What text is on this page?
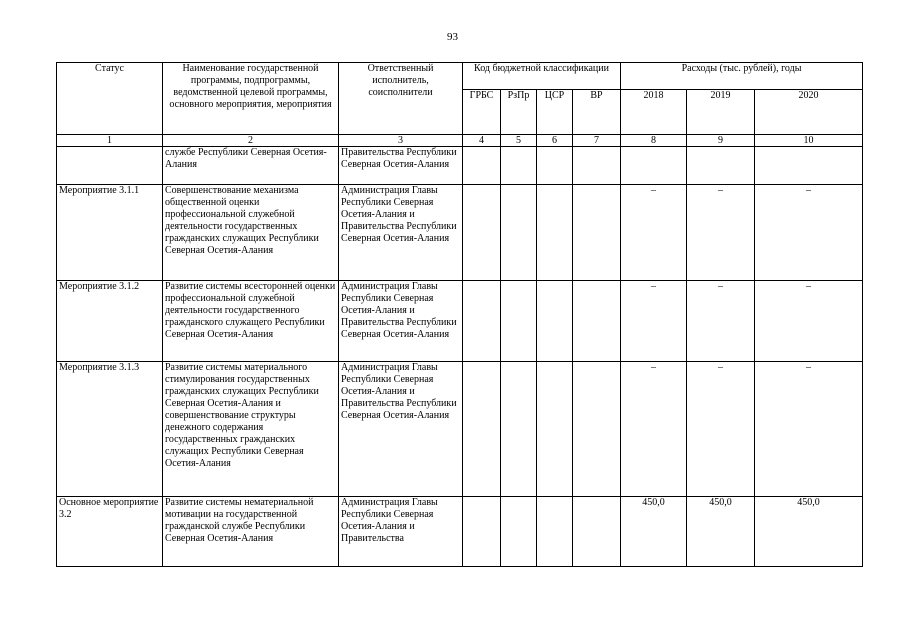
93
Статус	Наименование государственной программы, подпрограммы, ведомственной целевой программы, основного мероприятия, мероприятия	Ответственный исполнитель, соисполнители	Код бюджетной классификации				Расходы (тыс. рублей), годы		
			ГРБС	РзПр	ЦСР	ВР	2018	2019	2020
1	2	3	4	5	6	7	8	9	10
	службе Республики Северная Осетия-Алания	Правительства Республики Северная Осетия-Алания							
Мероприятие 3.1.1	Совершенствование механизма общественной оценки профессиональной служебной деятельности государственных гражданских служащих Республики Северная Осетия-Алания	Администрация Главы Республики Северная Осетия-Алания и Правительства Республики Северная Осетия-Алания					–	–	–
Мероприятие 3.1.2	Развитие системы всесторонней оценки профессиональной служебной деятельности государственного гражданского служащего Республики Северная Осетия-Алания	Администрация Главы Республики Северная Осетия-Алания и Правительства Республики Северная Осетия-Алания					–	–	–
Мероприятие 3.1.3	Развитие системы материального стимулирования государственных гражданских служащих Республики Северная Осетия-Алания и совершенствование структуры денежного содержания государственных гражданских служащих Республики Северная Осетия-Алания	Администрация Главы Республики Северная Осетия-Алания и Правительства Республики Северная Осетия-Алания					–	–	–
Основное мероприятие 3.2	Развитие системы нематериальной мотивации на государственной гражданской службе Республики Северная Осетия-Алания	Администрация Главы Республики Северная Осетия-Алания и Правительства					450,0	450,0	450,0
